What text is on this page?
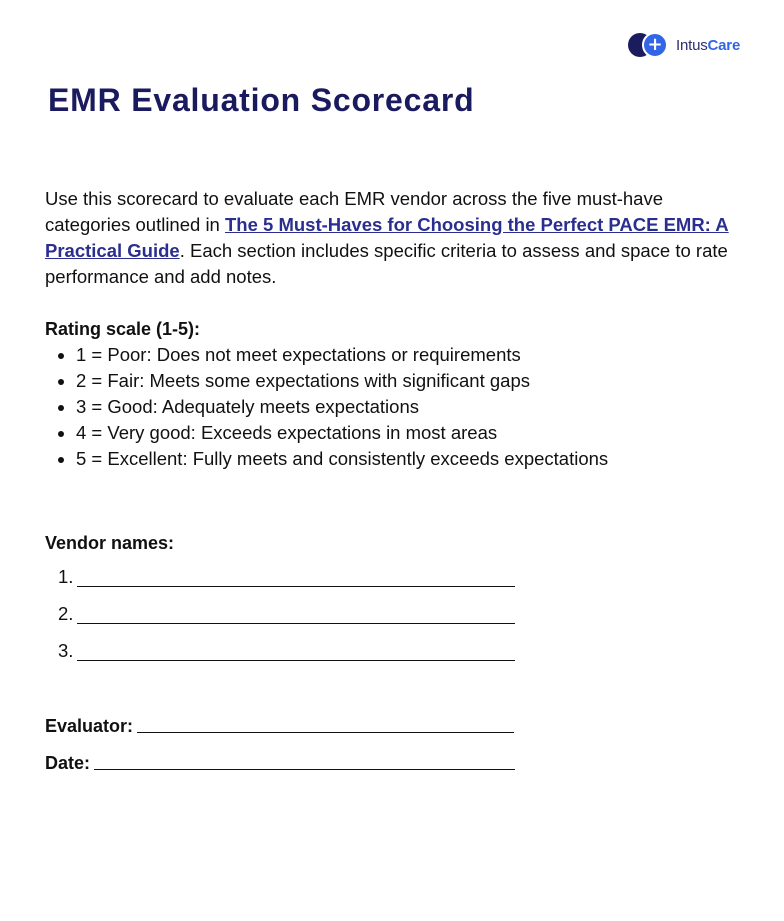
+ IntusCare
EMR Evaluation Scorecard

Use this scorecard to evaluate each EMR vendor across the five must-have categories outlined in The 5 Must-Haves for Choosing the Perfect PACE EMR: A Practical Guide. Each section includes specific criteria to assess and space to rate performance and add notes.

Rating scale (1-5):
• 1 = Poor: Does not meet expectations or requirements
• 2 = Fair: Meets some expectations with significant gaps
• 3 = Good: Adequately meets expectations
• 4 = Very good: Exceeds expectations in most areas
• 5 = Excellent: Fully meets and consistently exceeds expectations
Vendor names:
1.
2.
3.
Evaluator:
Date:
